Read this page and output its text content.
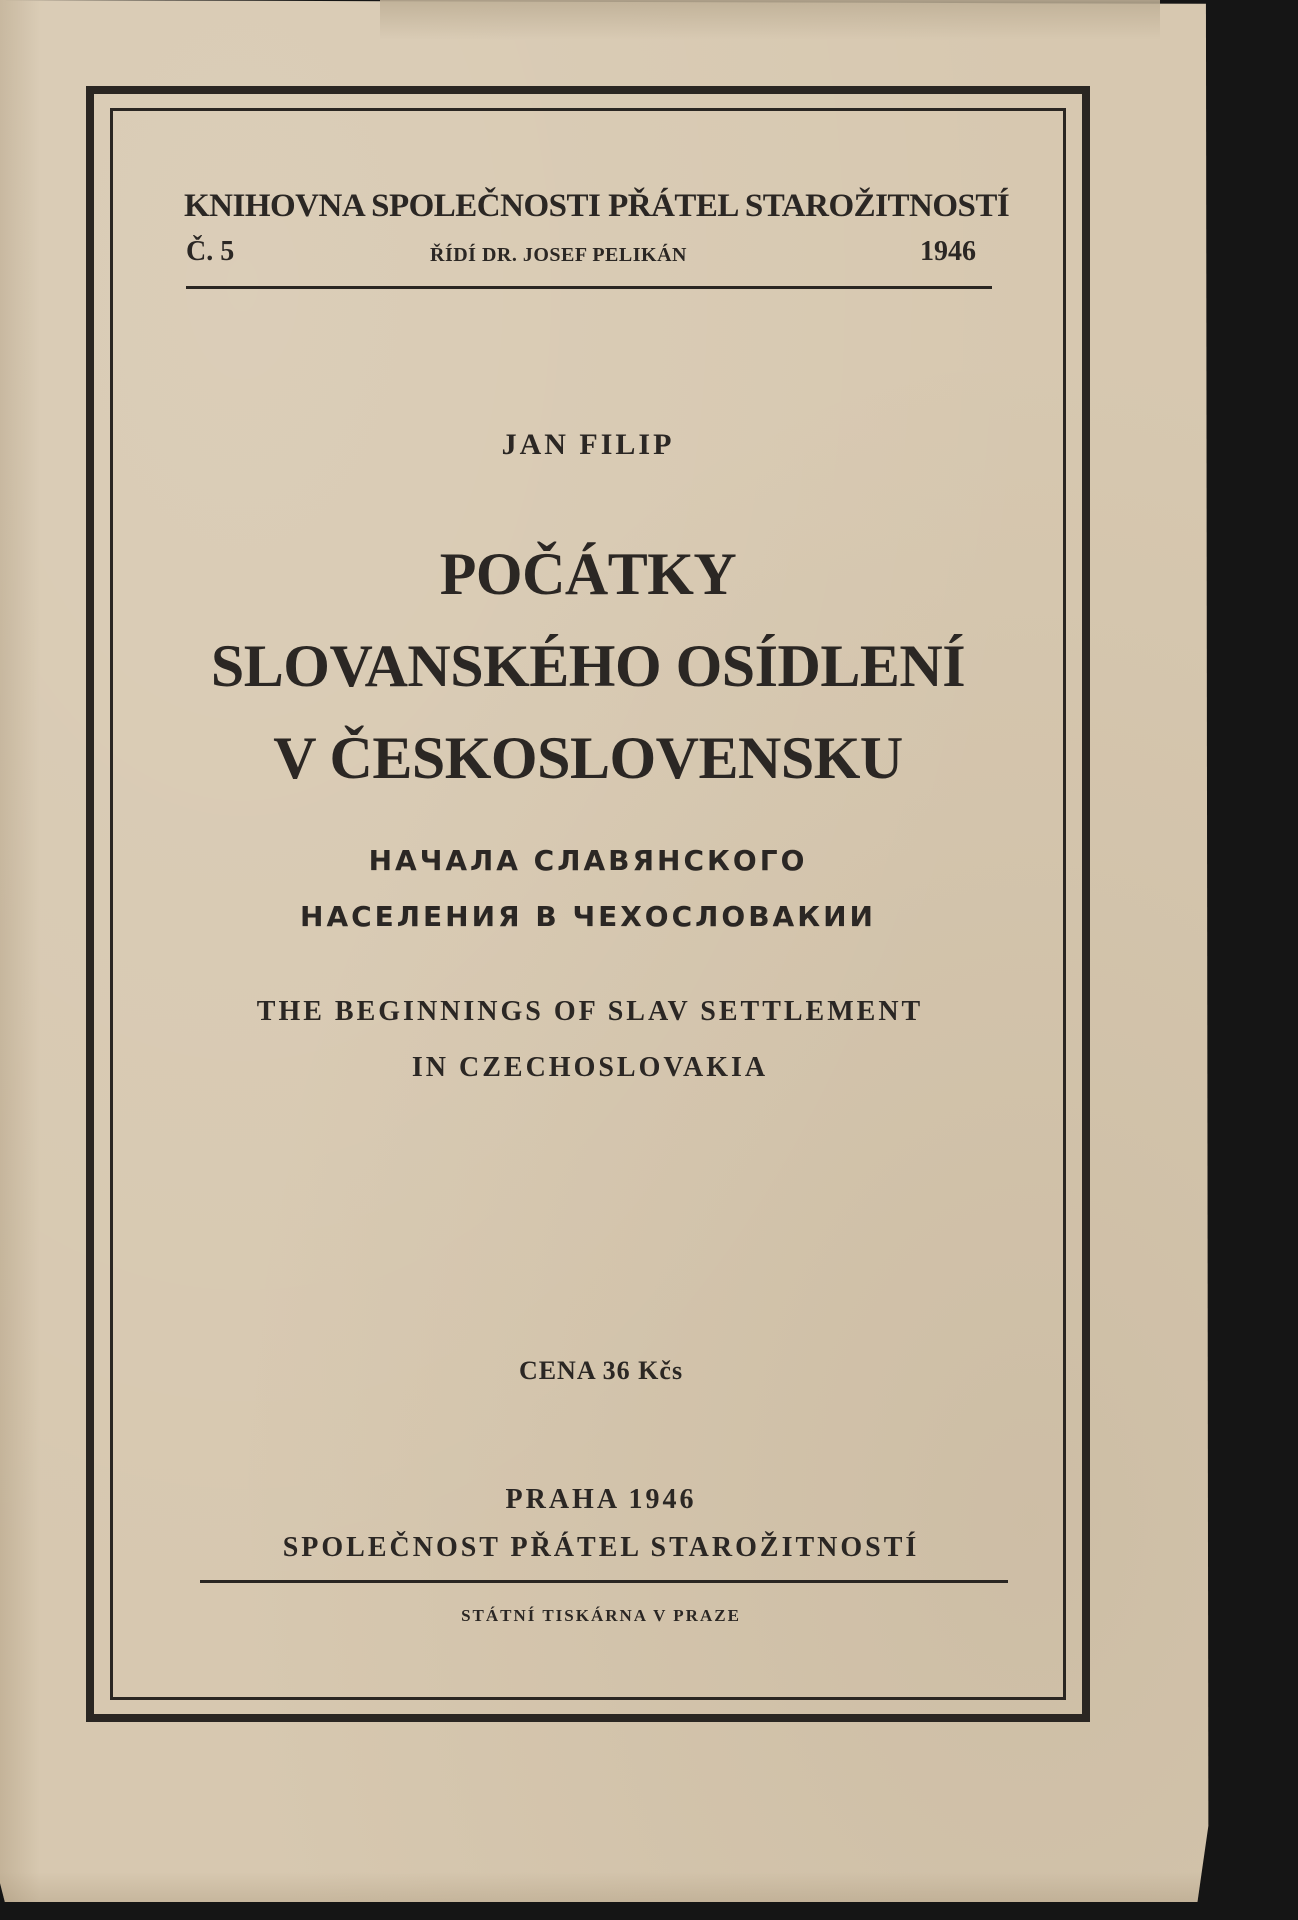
KNIHOVNA SPOLEČNOSTI PŘÁTEL STAROŽITNOSTÍ
Č. 5	ŘÍDÍ DR. JOSEF PELIKÁN	1946
JAN FILIP
POČÁTKY
SLOVANSKÉHO OSÍDLENÍ
V ČESKOSLOVENSKU
НАЧАЛА СЛАВЯНСКОГО
НАСЕЛЕНИЯ В ЧЕХОСЛОВАКИИ
THE BEGINNINGS OF SLAV SETTLEMENT
IN CZECHOSLOVAKIA
CENA 36 Kčs
PRAHA 1946
SPOLEČNOST PŘÁTEL STAROŽITNOSTÍ
STÁTNÍ TISKÁRNA V PRAZE
